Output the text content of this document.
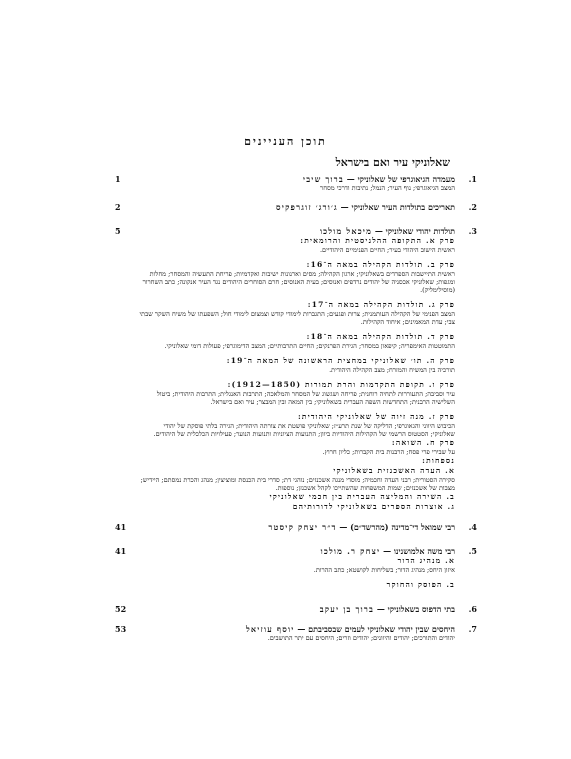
תוכן העניינים
שאלוניקי עיר ואם בישראל
1.
1	מעמדה הגיאוגרפי של שאלוניקי — ברוך שיבי
המצב הגיאוגרפי; נוף העיר; הנמל; נתיבות ודרכי מסחר
2.
2	תאריכים בתולדות העיר שאלוניקי — ג׳ורג׳ זוגרפקיס
3.
5	תולדות יהודי שאלוניקי — מיכאל מולכו
פרק א. התקופה ההלניסטית והרומאית:
ראשית הישוב היהודי בעיר; החיים הפנימיים היהודיים.
פרק ב. תולדות הקהילה במאה ה־16:
ראשית התיישבות הספרדים בשאלוניקי; ארגון הקהילה; מסים וארנונות ישיבות ואקדמיות; פריחת התעשיה והמסחר; מחלות ומגפות; שאלוניקי אכסניה של יהודים נרדפים ואנוסים; בעית האנוסים; חרם הסוחרים היהודים נגד העיר אנקונה; כתב השחרור (מוסילימליק).
פרק ג. תולדות הקהילה במאה ה־17:
המצב הפנימי של הקהילה העותמנית; צרות ופגעים; התגברות לימודי קודש וצמצום לימודי חול; השפעתו של משיח השקר שבתי צבי; עדת המאמינים; איחוד הקהילות.
פרק ד. תולדות הקהילה במאה ה־18:
התמוטטות האימפריה; קיפאון במסחר; הגירת הפרנקים; החיים התרבותיים; המצב הדימוגרפי; פעולות דומי שאלוניקי.
פרק ה. תו׳ שאלוניקי במחצית הראשונה של המאה ה־19:
תורכיה בין המשיח והמזרח; מצב הקהילה היהודית.
פרק ו. תקופת התקדמות והרת תמורות (1850—1912):
עיר וסביבה; התעוררות לתחיה רוחנית; פריחה ושגשוג של המסחר והמלאכה; התרבות האנגלית; התרבות היהודית; ביטול השלישיה הרבנית; התחדשות השפה העברית בשאלוניקי; בין המאה ובין המבצר; עיר ואם בישראל.
פרק ז. מנה זיוה של שאלוניקי היהודית:
הכיבוש היווני והגאוגרפי; הדליקה של שנת תרע״ז; שאלוניקי פושטת את צורתה היהודית; הגירה בלתי פוסקת של יהודי שאלוניקי; הסטטוס הרשמי של הקהילות היהודיות ביוון; התנועות הציוניות ותנועות הנוער; פעילויות הכלכלית של היהודים.
פרק ח. השואה:
על שבירי פרי פסח; הרבנות בית הקברות; כליון חרוץ.
נספחות:
א. העדה האשכנזית בשאלוניקי
סקירה הסטורית; רבני העדה וחכמיה; מוסדי מנגה אשכנזים; נוהגי דת; סדרי בית הכנסת ומוציצין; מנהג והכרת נמסתם; היידיש; מצבות של אשכנזים; שמות המשפחות שהשתייכו לקהל אשכנזן; נוספות.
ב. השירה והמליצה העברית בין חכמי שאלוניקי
ג. אוצרות הספרים בשאלוניקי לדורותיהם
4.
41	רבי שמואל די־מדינה (מהרשד״ם) — ד״ר יצחק קיסטר
5.
41	רבי משה אלמושנינו — יצחק ר. מולכו
א. מנהיג הדור
איזון היחס; מנהיג הדור; בשליחות לקושטא; כתב ההרות.
ב. הפוסק והחוקר
6.
52	בתי הדפוס בשאלוניקי — ברוך בן יעקב
7.
53	היחסים שבין יהודי שאלוניקי לעמים שבסביבתם — יוסף עוזיאל
יהודים והתורכים; יהודים והיוונים; יהודים וזרים; היחסים עם יתר התושבים.
